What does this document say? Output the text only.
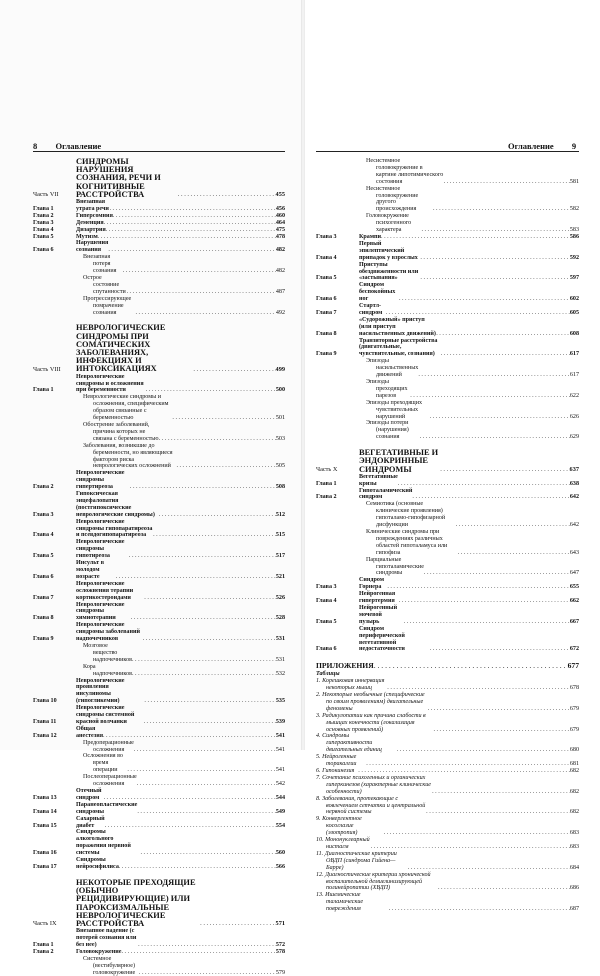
8 Оглавление	Оглавление 9
Часть VII
СИНДРОМЫ НАРУШЕНИЯ СОЗНАНИЯ, РЕЧИ И КОГНИТИВНЫЕ РАССТРОЙСТВА . . .	455
Глава 1
Внезапная утрата речи . . .	456
Глава 2	Гиперсомния . . .	460
Глава 3	Деменция . . .	464
Глава 4	Дизартрия . . .	475
Глава 5	Мутизм . . .	478
Глава 6
Нарушения сознания . . .	482
Внезапная потеря сознания . . .	482
Острое состояние спутанности . . .	487
Прогрессирующее помрачение сознания . . .	492
Часть VIII
НЕВРОЛОГИЧЕСКИЕ СИНДРОМЫ ПРИ СОМАТИЧЕСКИХ ЗАБОЛЕВАНИЯХ, ИНФЕКЦИЯХ И ИНТОКСИКАЦИЯХ . . .	499
Глава 1
Неврологические синдромы и осложнения при беременности . . .	500
Неврологические синдромы и осложнения, специфическим образом связанные с беременностью . . .	501
Обострение заболеваний, причина которых не связана с беременностью . . .	503
Заболевания, возникшие до беременности, но являющиеся фактором риска неврологических осложнений . . .	505
Глава 2
Неврологические синдромы гипертиреоза . . .	508
Глава 3
Гипоксическая энцефалопатия (постгипоксические неврологические синдромы) . . .	512
Глава 4
Неврологические синдромы гипопаратиреоза и псевдогипопаратиреоза . . .	515
Глава 5
Неврологические синдромы гипотиреоза . . .	517
Глава 6
Инсульт в молодом возрасте . . .	521
Глава 7
Неврологические осложнения терапии кортикостероидами . . .	526
Глава 8
Неврологические синдромы химиотерапии . . .	528
Глава 9
Неврологические синдромы заболеваний надпочечников . . .	531
Мозговое вещество надпочечников . . .	531
Кора надпочечников . . .	532
Глава 10
Неврологические проявления инсулиномы (гипогликемии) . . .	535
Глава 11
Неврологические синдромы системной красной волчанки . . .	539
Глава 12
Общая анестезия . . .	541
Предоперационные осложнения . . .	541
Осложнения во время операции . . .	541
Послеоперационные осложнения . . .	542
Глава 13
Отечный синдром . . .	544
Глава 14
Паранеопластические синдромы . . .	549
Глава 15
Сахарный диабет . . .	554
Глава 16
Синдромы алкогольного поражения нервной системы . . .	560
Глава 17
Синдромы нейросифилиса . . .	566
Часть IX
НЕКОТОРЫЕ ПРЕХОДЯЩИЕ (ОБЫЧНО РЕЦИДИВИРУЮЩИЕ) ИЛИ ПАРОКСИЗМАЛЬНЫЕ НЕВРОЛОГИЧЕСКИЕ РАССТРОЙСТВА . . .	571
Глава 1
Внезапное падение (с потерей сознания или без нее) . . .	572
Глава 2	Головокружение . . .	578
Системное (вестибулярное) головокружение . . .	579
Несистемное головокружение в картине липотимического состояния . . .	581
Несистемное головокружение другого происхождения . . .	582
Головокружение психогенного характера . . .	583
Глава 3	Крампи . . .	586
Глава 4
Первый эпилептический припадок у взрослых . . .	592
Глава 5
Приступы обездвиженности или «застывания» . . .	597
Глава 6
Синдром беспокойных ног . . .	602
Глава 7
Стартл-синдром . . .	605
Глава 8
«Судорожный» приступ (или приступ насильственных движений) . . .	608
Глава 9
Транзиторные расстройства (двигательные, чувствительные, сознания) . . .	617
Эпизоды насильственных движений . . .	617
Эпизоды преходящих парезов . . .	622
Эпизоды преходящих чувствительных нарушений . . .	626
Эпизоды потери (нарушения) сознания . . .	629
Часть X
ВЕГЕТАТИВНЫЕ И ЭНДОКРИННЫЕ СИНДРОМЫ . . .	637
Глава 1
Вегетативные кризы . . .	638
Глава 2
Гипоталамический синдром . . .	642
Семиотика (основные клинические проявления) гипоталамо-гипофизарной дисфункции . . .	642
Клинические синдромы при повреждениях различных областей гипоталамуса или гипофиза . . .	643
Парциальные гипоталамические синдромы . . .	647
Глава 3
Синдром Горнера . . .	655
Глава 4
Нейрогенная гипертермия . . .	662
Глава 5
Нейрогенный мочевой пузырь . . .	667
Глава 6
Синдром периферической вегетативной недостаточности . . .	672
ПРИЛОЖЕНИЯ . . .	677
Таблицы
1. Корешковая иннервация некоторых мышц . . .	678
2. Некоторые необычные (специфические по своим проявлениям) двигательные феномены . . .	679
3. Радикулопатии как причина слабости в мышцах конечности (локализация основных проявлений) . . .	679
4. Синдромы гиперактивности двигательных единиц . . .	680
5. Нейрогенные торакалгии . . .	681
6. Гипокинезия . . .	682
7. Сочетание психогенных и органических гиперкинезов (характерные клинические особенности) . . .	682
8. Заболевания, протекающие с вовлечением сетчатки и центральной нервной системы . . .	682
9. Конвергентное косоглазие (эзотропия) . . .	683
10. Мононуклеарный нистагм . . .	683
11. Диагностические критерии ОВДП (синдрома Гийена—Барре) . . .	684
12. Диагностические критерии хронической воспалительной демиелинизирующей полинейропатии (ХВДП) . . .	686
13. Ишемические таламические повреждения . . .	687
